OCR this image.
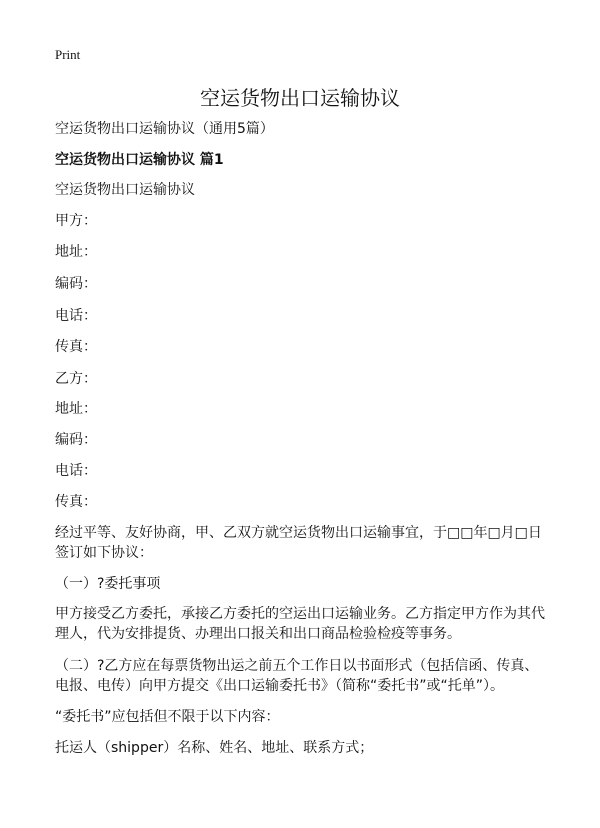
Print
空运货物出口运输协议
空运货物出口运输协议（通用5篇）
空运货物出口运输协议 篇1
空运货物出口运输协议
甲方：
地址：
编码：
电话：
传真：
乙方：
地址：
编码：
电话：
传真：
经过平等、友好协商，甲、乙双方就空运货物出口运输事宜，于□□年□月□日签订如下协议：
（一）?委托事项
甲方接受乙方委托，承接乙方委托的空运出口运输业务。乙方指定甲方作为其代理人，代为安排提货、办理出口报关和出口商品检验检疫等事务。
（二）?乙方应在每票货物出运之前五个工作日以书面形式（包括信函、传真、电报、电传）向甲方提交《出口运输委托书》（简称“委托书”或“托单”）。
“委托书”应包括但不限于以下内容：
托运人（shipper）名称、姓名、地址、联系方式；
